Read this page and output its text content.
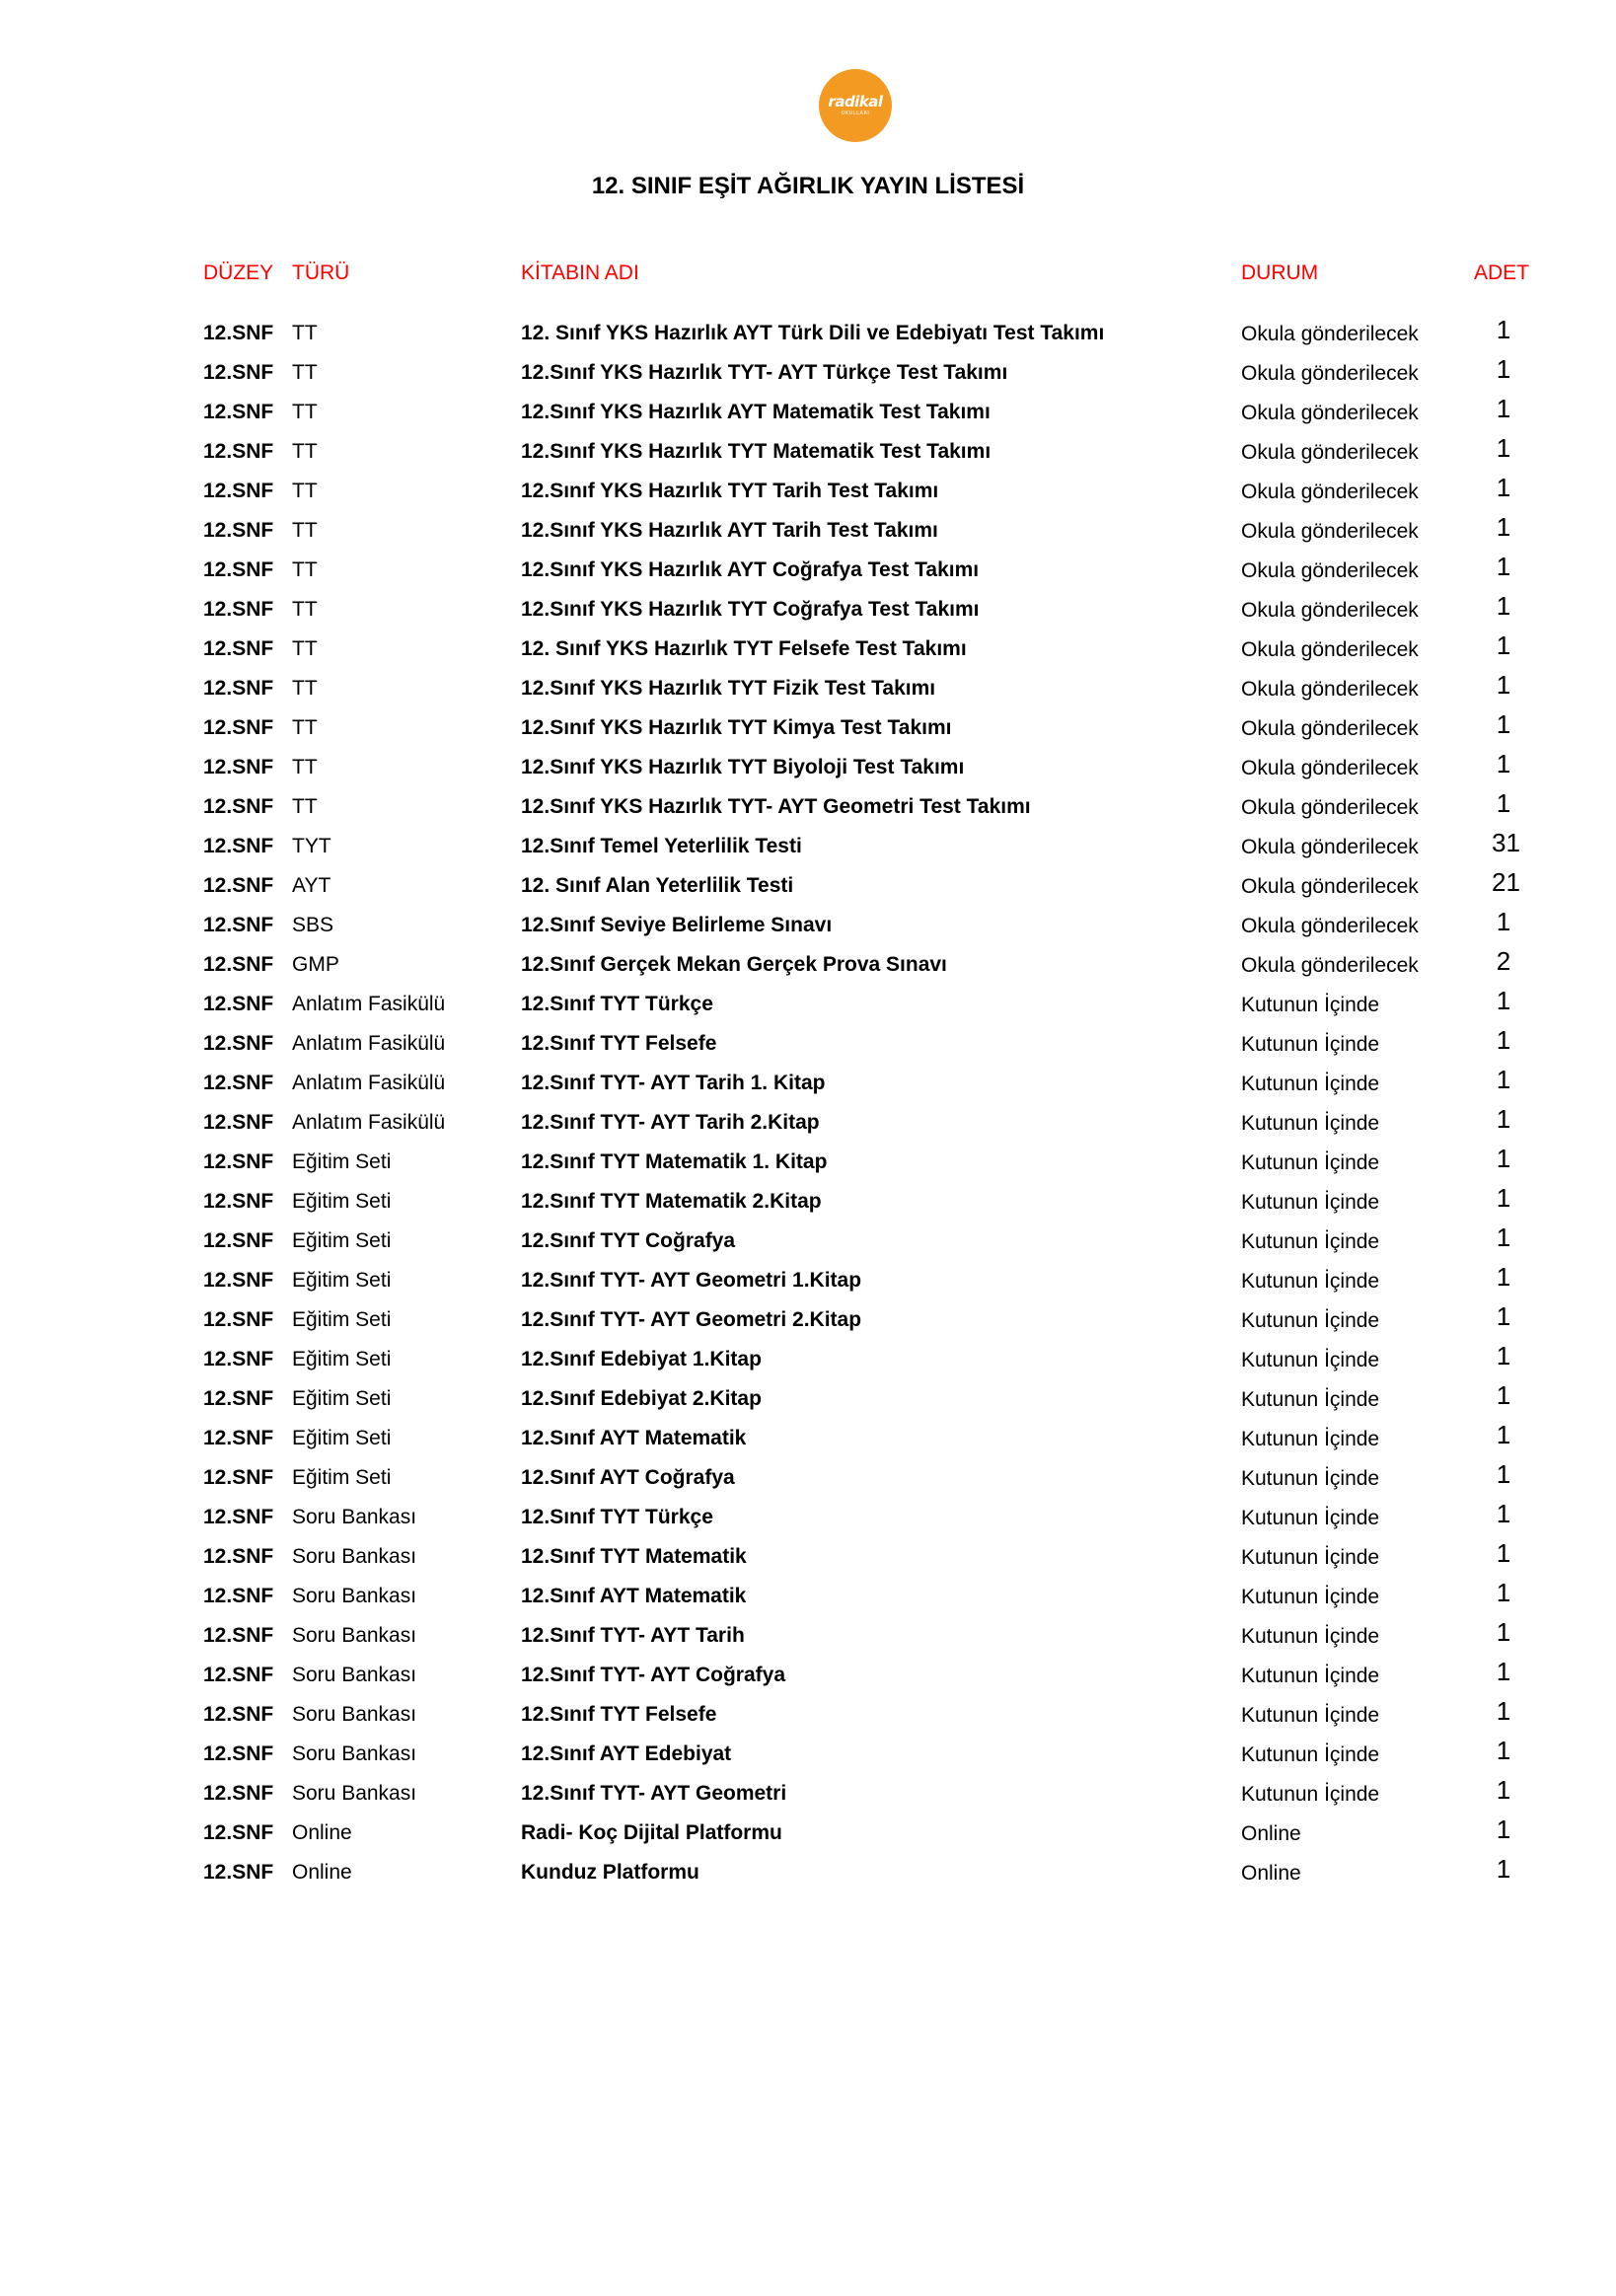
radikal
OKULLARI
12. SINIF EŞİT AĞIRLIK YAYIN LİSTESİ
DÜZEY TÜRÜ	KİTABIN ADI	DURUM	ADET
12.SNF TT	12. Sınıf YKS Hazırlık AYT Türk Dili ve Edebiyatı Test Takımı	Okula gönderilecek	1
12.SNF TT	12.Sınıf YKS Hazırlık TYT- AYT Türkçe Test Takımı	Okula gönderilecek	1
12.SNF TT	12.Sınıf YKS Hazırlık AYT Matematik Test Takımı	Okula gönderilecek	1
12.SNF TT	12.Sınıf YKS Hazırlık TYT Matematik Test Takımı	Okula gönderilecek	1
12.SNF TT	12.Sınıf YKS Hazırlık TYT Tarih Test Takımı	Okula gönderilecek	1
12.SNF TT	12.Sınıf YKS Hazırlık AYT Tarih Test Takımı	Okula gönderilecek	1
12.SNF TT	12.Sınıf YKS Hazırlık AYT Coğrafya Test Takımı	Okula gönderilecek	1
12.SNF TT	12.Sınıf YKS Hazırlık TYT Coğrafya Test Takımı	Okula gönderilecek	1
12.SNF TT	12. Sınıf YKS Hazırlık TYT Felsefe Test Takımı	Okula gönderilecek	1
12.SNF TT	12.Sınıf YKS Hazırlık TYT Fizik Test Takımı	Okula gönderilecek	1
12.SNF TT	12.Sınıf YKS Hazırlık TYT Kimya Test Takımı	Okula gönderilecek	1
12.SNF TT	12.Sınıf YKS Hazırlık TYT Biyoloji Test Takımı	Okula gönderilecek	1
12.SNF TT	12.Sınıf YKS Hazırlık TYT- AYT Geometri Test Takımı	Okula gönderilecek	1
12.SNF TYT	12.Sınıf Temel Yeterlilik Testi	Okula gönderilecek	31
12.SNF AYT	12. Sınıf Alan Yeterlilik Testi	Okula gönderilecek	21
12.SNF SBS	12.Sınıf Seviye Belirleme Sınavı	Okula gönderilecek	1
12.SNF GMP	12.Sınıf Gerçek Mekan Gerçek Prova Sınavı	Okula gönderilecek	2
12.SNF Anlatım Fasikülü	12.Sınıf TYT Türkçe	Kutunun İçinde	1
12.SNF Anlatım Fasikülü	12.Sınıf TYT Felsefe	Kutunun İçinde	1
12.SNF Anlatım Fasikülü	12.Sınıf TYT- AYT Tarih 1. Kitap	Kutunun İçinde	1
12.SNF Anlatım Fasikülü	12.Sınıf TYT- AYT Tarih 2.Kitap	Kutunun İçinde	1
12.SNF Eğitim Seti	12.Sınıf TYT Matematik 1. Kitap	Kutunun İçinde	1
12.SNF Eğitim Seti	12.Sınıf TYT Matematik 2.Kitap	Kutunun İçinde	1
12.SNF Eğitim Seti	12.Sınıf TYT Coğrafya	Kutunun İçinde	1
12.SNF Eğitim Seti	12.Sınıf TYT- AYT Geometri 1.Kitap	Kutunun İçinde	1
12.SNF Eğitim Seti	12.Sınıf TYT- AYT Geometri 2.Kitap	Kutunun İçinde	1
12.SNF Eğitim Seti	12.Sınıf Edebiyat 1.Kitap	Kutunun İçinde	1
12.SNF Eğitim Seti	12.Sınıf Edebiyat 2.Kitap	Kutunun İçinde	1
12.SNF Eğitim Seti	12.Sınıf AYT Matematik	Kutunun İçinde	1
12.SNF Eğitim Seti	12.Sınıf AYT Coğrafya	Kutunun İçinde	1
12.SNF Soru Bankası	12.Sınıf TYT Türkçe	Kutunun İçinde	1
12.SNF Soru Bankası	12.Sınıf TYT Matematik	Kutunun İçinde	1
12.SNF Soru Bankası	12.Sınıf AYT Matematik	Kutunun İçinde	1
12.SNF Soru Bankası	12.Sınıf TYT- AYT Tarih	Kutunun İçinde	1
12.SNF Soru Bankası	12.Sınıf TYT- AYT Coğrafya	Kutunun İçinde	1
12.SNF Soru Bankası	12.Sınıf TYT Felsefe	Kutunun İçinde	1
12.SNF Soru Bankası	12.Sınıf AYT Edebiyat	Kutunun İçinde	1
12.SNF Soru Bankası	12.Sınıf TYT- AYT Geometri	Kutunun İçinde	1
12.SNF Online	Radi- Koç Dijital Platformu	Online	1
12.SNF Online	Kunduz Platformu	Online	1
